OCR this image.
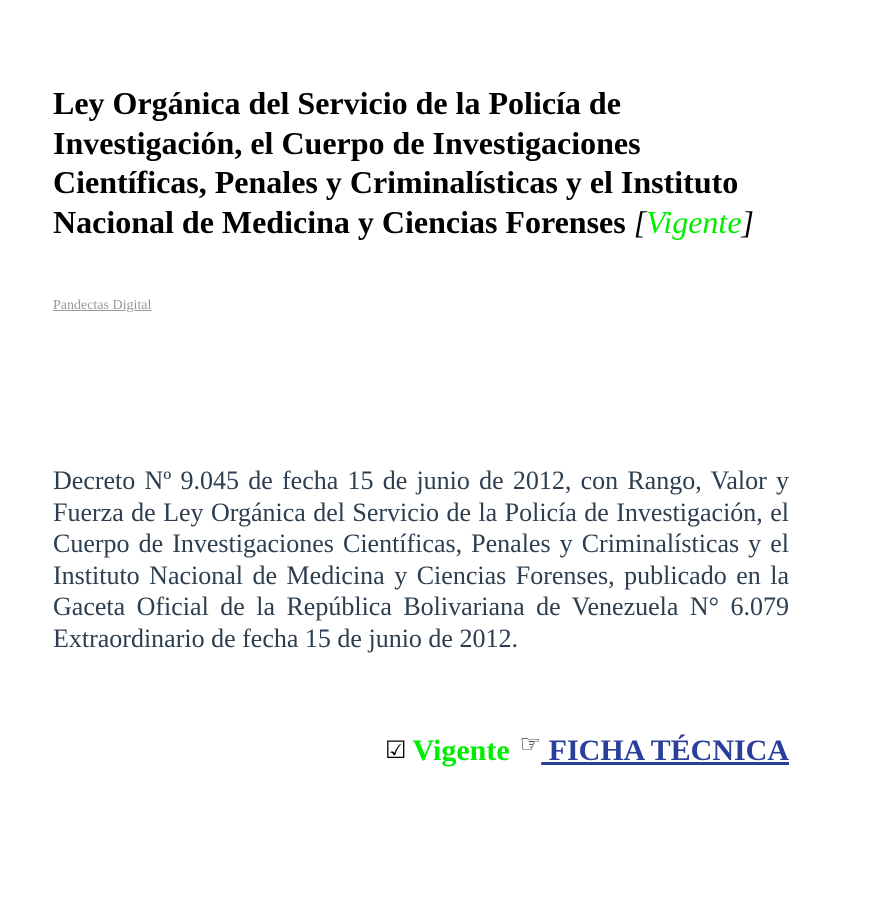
Ley Orgánica del Servicio de la Policía de Investigación, el Cuerpo de Investigaciones Científicas, Penales y Criminalísticas y el Instituto Nacional de Medicina y Ciencias Forenses [Vigente]
Pandectas Digital

Decreto Nº 9.045 de fecha 15 de junio de 2012, con Rango, Valor y Fuerza de Ley Orgánica del Servicio de la Policía de Investigación, el Cuerpo de Investigaciones Científicas, Penales y Criminalísticas y el Instituto Nacional de Medicina y Ciencias Forenses, publicado en la Gaceta Oficial de la República Bolivariana de Venezuela N° 6.079 Extraordinario de fecha 15 de junio de 2012.

☑ Vigente ☞ FICHA TÉCNICA
